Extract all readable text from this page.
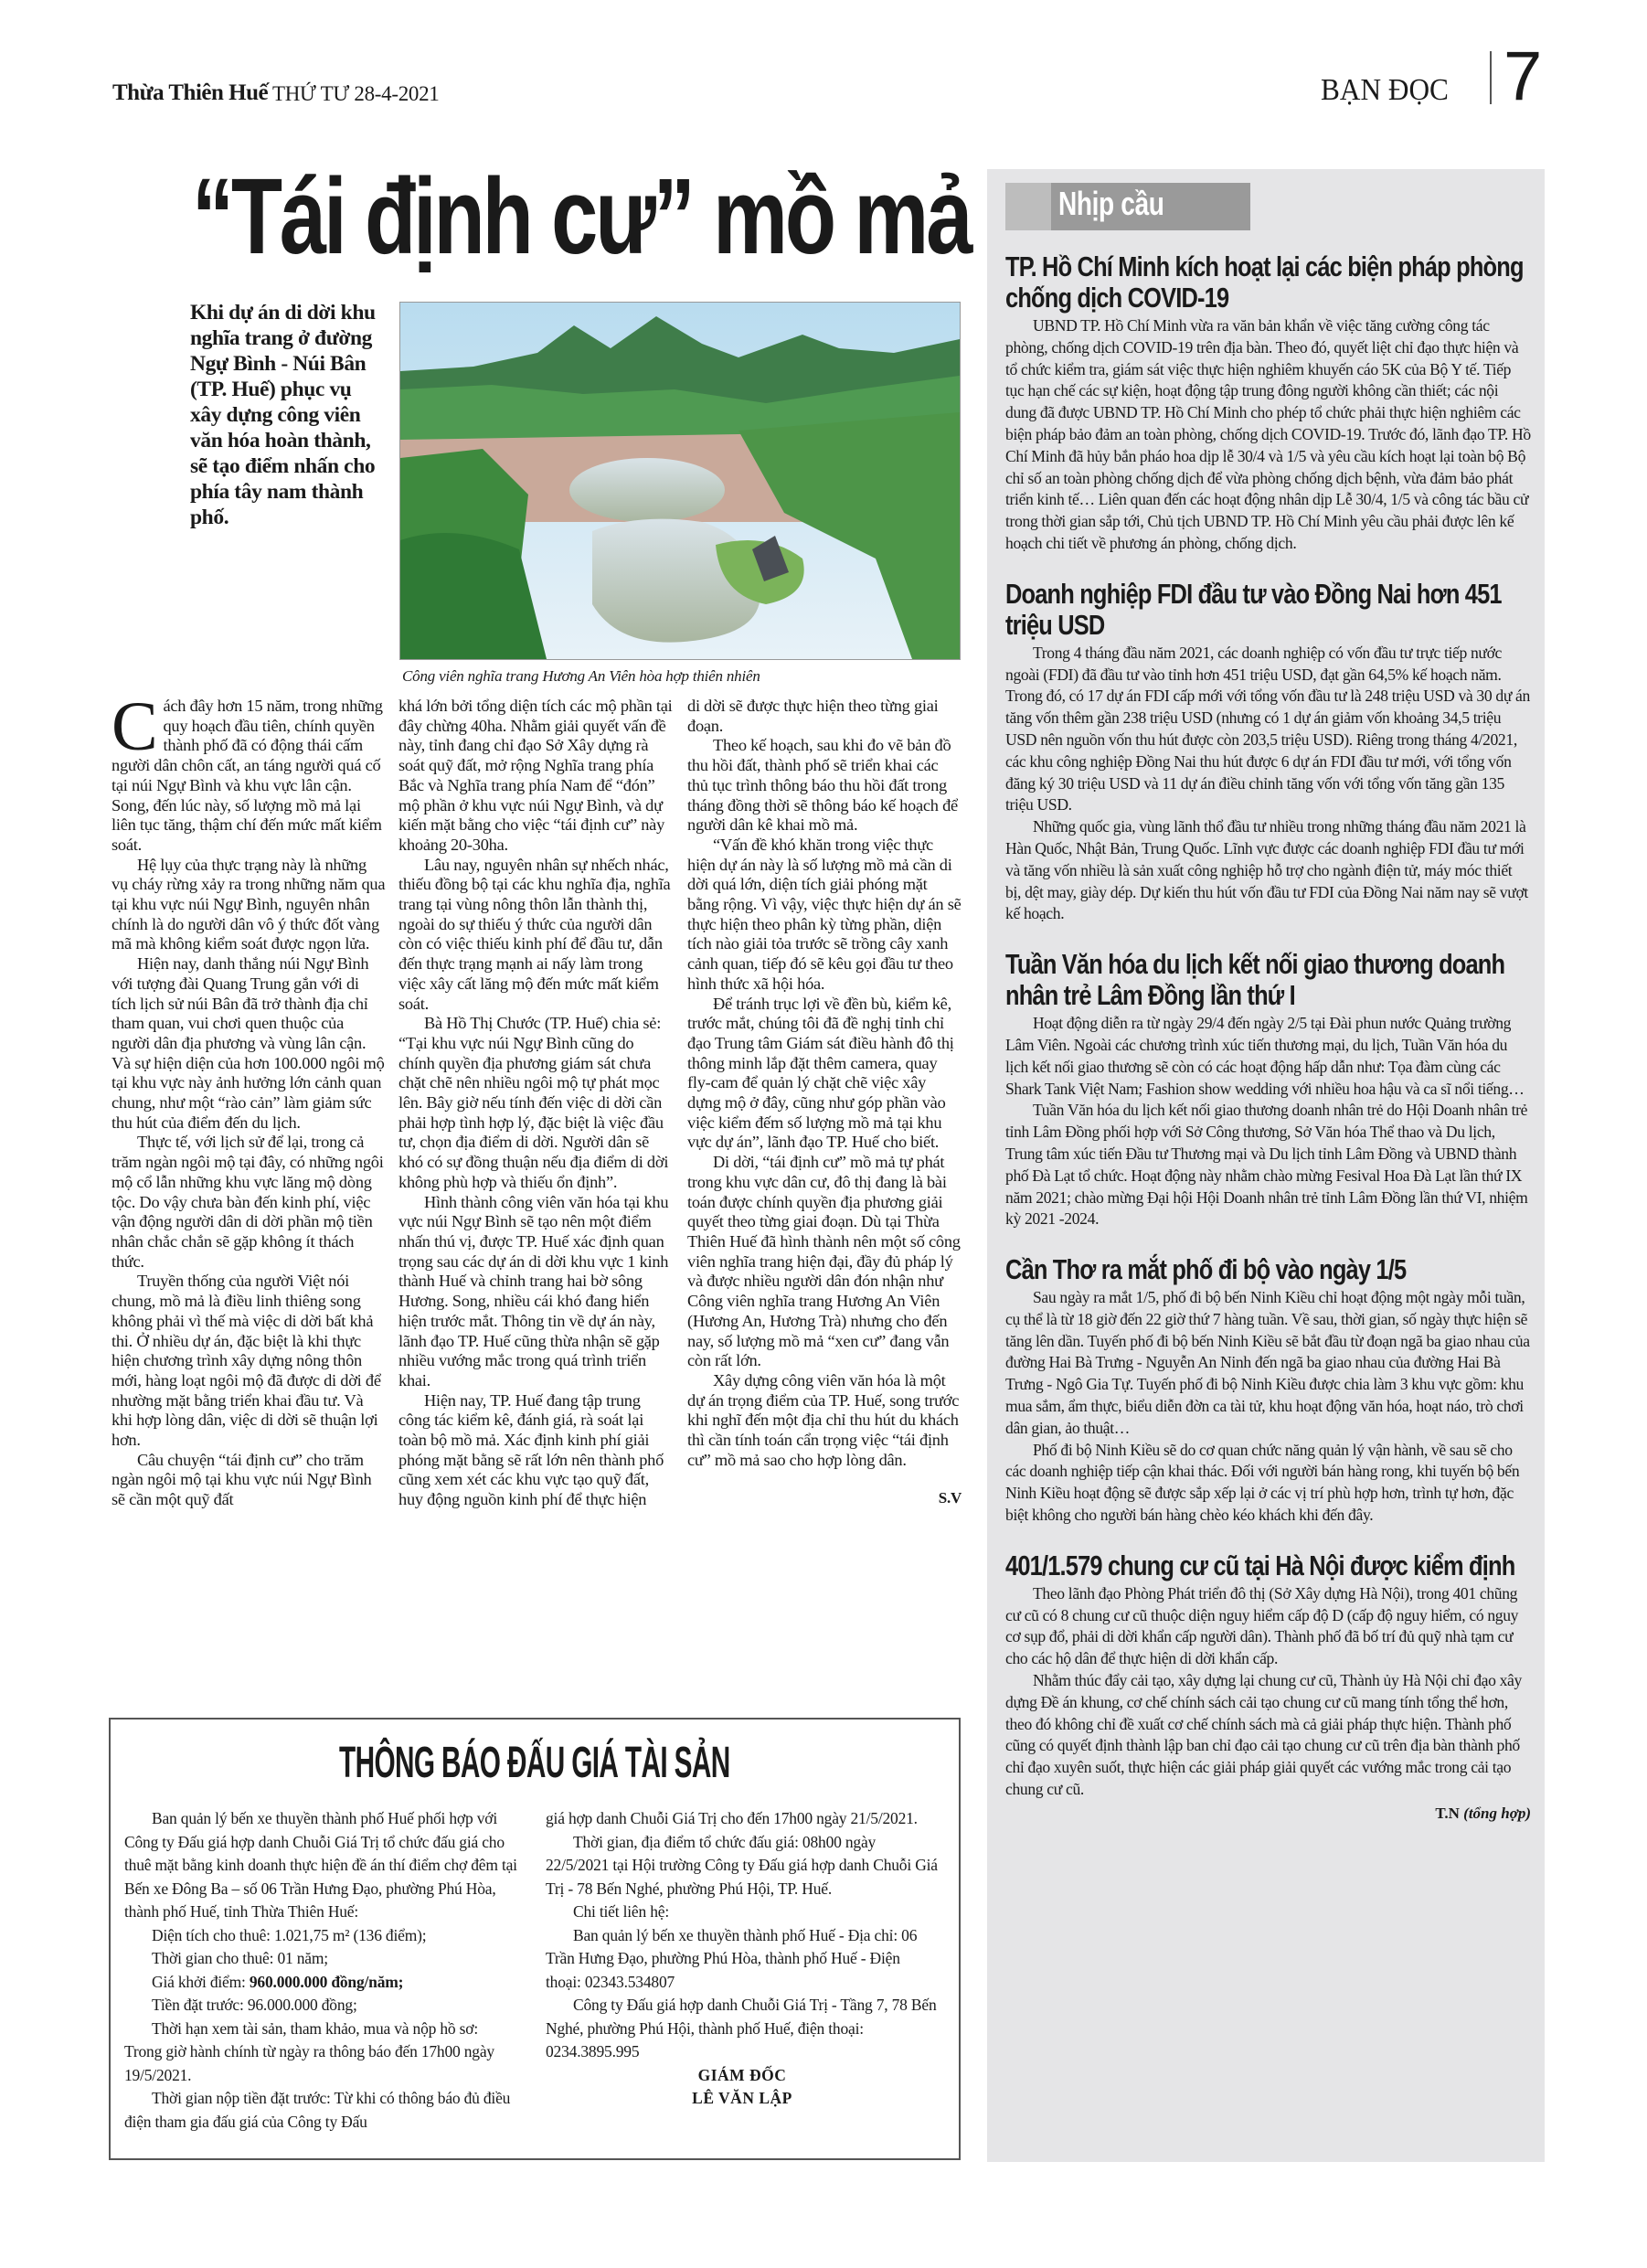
Thừa Thiên Huế THỨ TƯ 28-4-2021	BẠN ĐỌC 7
“Tái định cư” mồ mả
Khi dự án di dời khu nghĩa trang ở đường Ngự Bình - Núi Bân (TP. Huế) phục vụ xây dựng công viên văn hóa hoàn thành, sẽ tạo điểm nhấn cho phía tây nam thành phố.
Công viên nghĩa trang Hương An Viên hòa hợp thiên nhiên

Cách đây hơn 15 năm, trong những quy hoạch đầu tiên, chính quyền thành phố đã có động thái cấm người dân chôn cất, an táng người quá cố tại núi Ngự Bình và khu vực lân cận. Song, đến lúc này, số lượng mồ mả lại liên tục tăng, thậm chí đến mức mất kiểm soát.

Hệ lụy của thực trạng này là những vụ cháy rừng xảy ra trong những năm qua tại khu vực núi Ngự Bình, nguyên nhân chính là do người dân vô ý thức đốt vàng mã mà không kiểm soát được ngọn lửa.

Hiện nay, danh thắng núi Ngự Bình với tượng đài Quang Trung gắn với di tích lịch sử núi Bân đã trở thành địa chỉ tham quan, vui chơi quen thuộc của người dân địa phương và vùng lân cận. Và sự hiện diện của hơn 100.000 ngôi mộ tại khu vực này ảnh hưởng lớn cảnh quan chung, như một “rào cản” làm giảm sức thu hút của điểm đến du lịch.

Thực tế, với lịch sử để lại, trong cả trăm ngàn ngôi mộ tại đây, có những ngôi mộ cổ lẫn những khu vực lăng mộ dòng tộc. Do vậy chưa bàn đến kinh phí, việc vận động người dân di dời phần mộ tiền nhân chắc chắn sẽ gặp không ít thách thức.

Truyền thống của người Việt nói chung, mồ mả là điều linh thiêng song không phải vì thế mà việc di dời bất khả thi. Ở nhiều dự án, đặc biệt là khi thực hiện chương trình xây dựng nông thôn mới, hàng loạt ngôi mộ đã được di dời để nhường mặt bằng triển khai đầu tư. Và khi hợp lòng dân, việc di dời sẽ thuận lợi hơn.

Câu chuyện “tái định cư” cho trăm ngàn ngôi mộ tại khu vực núi Ngự Bình sẽ cần một quỹ đất

khá lớn bởi tổng diện tích các mộ phần tại đây chừng 40ha. Nhằm giải quyết vấn đề này, tỉnh đang chỉ đạo Sở Xây dựng rà soát quỹ đất, mở rộng Nghĩa trang phía Bắc và Nghĩa trang phía Nam để “đón” mộ phần ở khu vực núi Ngự Bình, và dự kiến mặt bằng cho việc “tái định cư” này khoảng 20-30ha.

Lâu nay, nguyên nhân sự nhếch nhác, thiếu đồng bộ tại các khu nghĩa địa, nghĩa trang tại vùng nông thôn lẫn thành thị, ngoài do sự thiếu ý thức của người dân còn có việc thiếu kinh phí để đầu tư, dẫn đến thực trạng mạnh ai nấy làm trong việc xây cất lăng mộ đến mức mất kiểm soát.

Bà Hồ Thị Chước (TP. Huế) chia sẻ: “Tại khu vực núi Ngự Bình cũng do chính quyền địa phương giám sát chưa chặt chẽ nên nhiều ngôi mộ tự phát mọc lên. Bây giờ nếu tính đến việc di dời cần phải hợp tình hợp lý, đặc biệt là việc đầu tư, chọn địa điểm di dời. Người dân sẽ khó có sự đồng thuận nếu địa điểm di dời không phù hợp và thiếu ổn định”.

Hình thành công viên văn hóa tại khu vực núi Ngự Bình sẽ tạo nên một điểm nhấn thú vị, được TP. Huế xác định quan trọng sau các dự án di dời khu vực 1 kinh thành Huế và chỉnh trang hai bờ sông Hương. Song, nhiều cái khó đang hiển hiện trước mắt. Thông tin về dự án này, lãnh đạo TP. Huế cũng thừa nhận sẽ gặp nhiều vướng mắc trong quá trình triển khai.

Hiện nay, TP. Huế đang tập trung công tác kiểm kê, đánh giá, rà soát lại toàn bộ mồ mả. Xác định kinh phí giải phóng mặt bằng sẽ rất lớn nên thành phố cũng xem xét các khu vực tạo quỹ đất, huy động nguồn kinh phí để thực hiện

di dời sẽ được thực hiện theo từng giai đoạn.

Theo kế hoạch, sau khi đo vẽ bản đồ thu hồi đất, thành phố sẽ triển khai các thủ tục trình thông báo thu hồi đất trong tháng đồng thời sẽ thông báo kế hoạch để người dân kê khai mồ mả.

“Vấn đề khó khăn trong việc thực hiện dự án này là số lượng mồ mả cần di dời quá lớn, diện tích giải phóng mặt bằng rộng. Vì vậy, việc thực hiện dự án sẽ thực hiện theo phân kỳ từng phần, diện tích nào giải tỏa trước sẽ trồng cây xanh cảnh quan, tiếp đó sẽ kêu gọi đầu tư theo hình thức xã hội hóa.

Để tránh trục lợi về đền bù, kiểm kê, trước mắt, chúng tôi đã đề nghị tỉnh chỉ đạo Trung tâm Giám sát điều hành đô thị thông minh lắp đặt thêm camera, quay fly-cam để quản lý chặt chẽ việc xây dựng mộ ở đây, cũng như góp phần vào việc kiểm đếm số lượng mồ mả tại khu vực dự án”, lãnh đạo TP. Huế cho biết.

Di dời, “tái định cư” mồ mả tự phát trong khu vực dân cư, đô thị đang là bài toán được chính quyền địa phương giải quyết theo từng giai đoạn. Dù tại Thừa Thiên Huế đã hình thành nên một số công viên nghĩa trang hiện đại, đầy đủ pháp lý và được nhiều người dân đón nhận như Công viên nghĩa trang Hương An Viên (Hương An, Hương Trà) nhưng cho đến nay, số lượng mồ mả “xen cư” đang vẫn còn rất lớn.

Xây dựng công viên văn hóa là một dự án trọng điểm của TP. Huế, song trước khi nghĩ đến một địa chỉ thu hút du khách thì cần tính toán cẩn trọng việc “tái định cư” mồ mả sao cho hợp lòng dân.

S.V
THÔNG BÁO ĐẤU GIÁ TÀI SẢN

Ban quản lý bến xe thuyền thành phố Huế phối hợp với Công ty Đấu giá hợp danh Chuỗi Giá Trị tổ chức đấu giá cho thuê mặt bằng kinh doanh thực hiện đề án thí điểm chợ đêm tại Bến xe Đông Ba – số 06 Trần Hưng Đạo, phường Phú Hòa, thành phố Huế, tỉnh Thừa Thiên Huế:

Diện tích cho thuê: 1.021,75 m² (136 điểm);

Thời gian cho thuê: 01 năm;

Giá khởi điểm: 960.000.000 đồng/năm;

Tiền đặt trước: 96.000.000 đồng;

Thời hạn xem tài sản, tham khảo, mua và nộp hồ sơ: Trong giờ hành chính từ ngày ra thông báo đến 17h00 ngày 19/5/2021.

Thời gian nộp tiền đặt trước: Từ khi có thông báo đủ điều điện tham gia đấu giá của Công ty Đấu

giá hợp danh Chuỗi Giá Trị cho đến 17h00 ngày 21/5/2021.

Thời gian, địa điểm tổ chức đấu giá: 08h00 ngày 22/5/2021 tại Hội trường Công ty Đấu giá hợp danh Chuỗi Giá Trị - 78 Bến Nghé, phường Phú Hội, TP. Huế.

Chi tiết liên hệ:

Ban quản lý bến xe thuyền thành phố Huế - Địa chỉ: 06 Trần Hưng Đạo, phường Phú Hòa, thành phố Huế - Điện thoại: 02343.534807

Công ty Đấu giá hợp danh Chuỗi Giá Trị - Tầng 7, 78 Bến Nghé, phường Phú Hội, thành phố Huế, điện thoại: 0234.3895.995

GIÁM ĐỐC

LÊ VĂN LẬP

Nhịp cầu
TP. Hồ Chí Minh kích hoạt lại các biện pháp phòng chống dịch COVID-19

UBND TP. Hồ Chí Minh vừa ra văn bản khẩn về việc tăng cường công tác phòng, chống dịch COVID-19 trên địa bàn. Theo đó, quyết liệt chỉ đạo thực hiện và tổ chức kiểm tra, giám sát việc thực hiện nghiêm khuyến cáo 5K của Bộ Y tế. Tiếp tục hạn chế các sự kiện, hoạt động tập trung đông người không cần thiết; các nội dung đã được UBND TP. Hồ Chí Minh cho phép tổ chức phải thực hiện nghiêm các biện pháp bảo đảm an toàn phòng, chống dịch COVID-19. Trước đó, lãnh đạo TP. Hồ Chí Minh đã hủy bắn pháo hoa dịp lễ 30/4 và 1/5 và yêu cầu kích hoạt lại toàn bộ Bộ chỉ số an toàn phòng chống dịch để vừa phòng chống dịch bệnh, vừa đảm bảo phát triển kinh tế… Liên quan đến các hoạt động nhân dịp Lễ 30/4, 1/5 và công tác bầu cử trong thời gian sắp tới, Chủ tịch UBND TP. Hồ Chí Minh yêu cầu phải được lên kế hoạch chi tiết về phương án phòng, chống dịch.

Doanh nghiệp FDI đầu tư vào Đồng Nai hơn 451 triệu USD

Trong 4 tháng đầu năm 2021, các doanh nghiệp có vốn đầu tư trực tiếp nước ngoài (FDI) đã đầu tư vào tỉnh hơn 451 triệu USD, đạt gần 64,5% kế hoạch năm. Trong đó, có 17 dự án FDI cấp mới với tổng vốn đầu tư là 248 triệu USD và 30 dự án tăng vốn thêm gần 238 triệu USD (nhưng có 1 dự án giảm vốn khoảng 34,5 triệu USD nên nguồn vốn thu hút được còn 203,5 triệu USD). Riêng trong tháng 4/2021, các khu công nghiệp Đồng Nai thu hút được 6 dự án FDI đầu tư mới, với tổng vốn đăng ký 30 triệu USD và 11 dự án điều chỉnh tăng vốn với tổng vốn tăng gần 135 triệu USD.

Những quốc gia, vùng lãnh thổ đầu tư nhiều trong những tháng đầu năm 2021 là Hàn Quốc, Nhật Bản, Trung Quốc. Lĩnh vực được các doanh nghiệp FDI đầu tư mới và tăng vốn nhiều là sản xuất công nghiệp hỗ trợ cho ngành điện tử, máy móc thiết bị, dệt may, giày dép. Dự kiến thu hút vốn đầu tư FDI của Đồng Nai năm nay sẽ vượt kế hoạch.

Tuần Văn hóa du lịch kết nối giao thương doanh nhân trẻ Lâm Đồng lần thứ I

Hoạt động diễn ra từ ngày 29/4 đến ngày 2/5 tại Đài phun nước Quảng trường Lâm Viên. Ngoài các chương trình xúc tiến thương mại, du lịch, Tuần Văn hóa du lịch kết nối giao thương sẽ còn có các hoạt động hấp dẫn như: Tọa đàm cùng các Shark Tank Việt Nam; Fashion show wedding với nhiều hoa hậu và ca sĩ nổi tiếng…

Tuần Văn hóa du lịch kết nối giao thương doanh nhân trẻ do Hội Doanh nhân trẻ tỉnh Lâm Đồng phối hợp với Sở Công thương, Sở Văn hóa Thể thao và Du lịch, Trung tâm xúc tiến Đầu tư Thương mại và Du lịch tỉnh Lâm Đồng và UBND thành phố Đà Lạt tổ chức. Hoạt động này nhằm chào mừng Fesival Hoa Đà Lạt lần thứ IX năm 2021; chào mừng Đại hội Hội Doanh nhân trẻ tỉnh Lâm Đồng lần thứ VI, nhiệm kỳ 2021 -2024.

Cần Thơ ra mắt phố đi bộ vào ngày 1/5

Sau ngày ra mắt 1/5, phố đi bộ bến Ninh Kiều chỉ hoạt động một ngày mỗi tuần, cụ thể là từ 18 giờ đến 22 giờ thứ 7 hàng tuần. Về sau, thời gian, số ngày thực hiện sẽ tăng lên dần. Tuyến phố đi bộ bến Ninh Kiều sẽ bắt đầu từ đoạn ngã ba giao nhau của đường Hai Bà Trưng - Nguyễn An Ninh đến ngã ba giao nhau của đường Hai Bà Trưng - Ngô Gia Tự. Tuyến phố đi bộ Ninh Kiều được chia làm 3 khu vực gồm: khu mua sắm, ẩm thực, biểu diễn đờn ca tài tử, khu hoạt động văn hóa, hoạt náo, trò chơi dân gian, ảo thuật…

Phố đi bộ Ninh Kiều sẽ do cơ quan chức năng quản lý vận hành, về sau sẽ cho các doanh nghiệp tiếp cận khai thác. Đối với người bán hàng rong, khi tuyến bộ bến Ninh Kiều hoạt động sẽ được sắp xếp lại ở các vị trí phù hợp hơn, trình tự hơn, đặc biệt không cho người bán hàng chèo kéo khách khi đến đây.

401/1.579 chung cư cũ tại Hà Nội được kiểm định

Theo lãnh đạo Phòng Phát triển đô thị (Sở Xây dựng Hà Nội), trong 401 chũng cư cũ có 8 chung cư cũ thuộc diện nguy hiểm cấp độ D (cấp độ nguy hiểm, có nguy cơ sụp đổ, phải di dời khẩn cấp người dân). Thành phố đã bố trí đủ quỹ nhà tạm cư cho các hộ dân để thực hiện di dời khẩn cấp.

Nhằm thúc đẩy cải tạo, xây dựng lại chung cư cũ, Thành ủy Hà Nội chỉ đạo xây dựng Đề án khung, cơ chế chính sách cải tạo chung cư cũ mang tính tổng thể hơn, theo đó không chỉ đề xuất cơ chế chính sách mà cả giải pháp thực hiện. Thành phố cũng có quyết định thành lập ban chỉ đạo cải tạo chung cư cũ trên địa bàn thành phố chỉ đạo xuyên suốt, thực hiện các giải pháp giải quyết các vướng mắc trong cải tạo chung cư cũ.

T.N (tổng hợp)
